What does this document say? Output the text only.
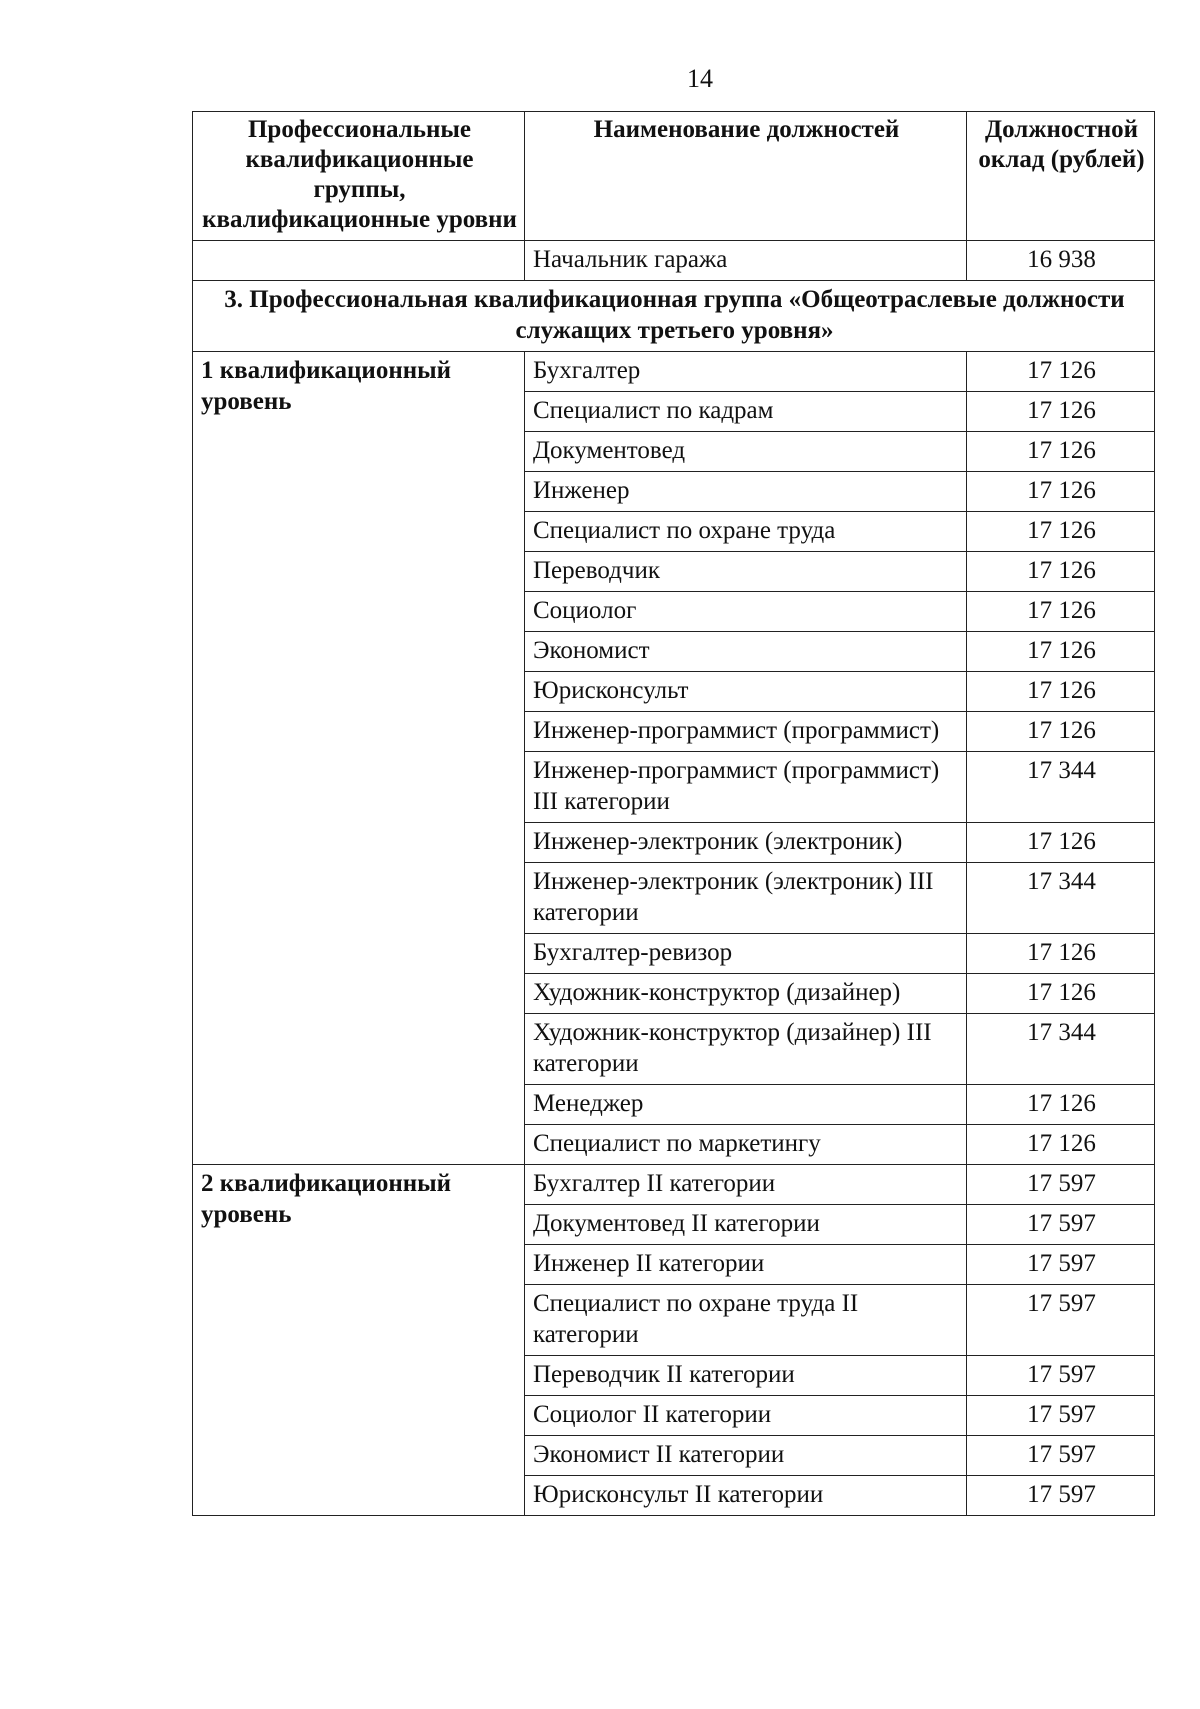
14
Профессиональные квалификационные группы, квалификационные уровни	Наименование должностей	Должностной оклад (рублей)
	Начальник гаража	16 938
3. Профессиональная квалификационная группа «Общеотраслевые должности служащих третьего уровня»		
1 квалификационный уровень	Бухгалтер	17 126
	Специалист по кадрам	17 126
	Документовед	17 126
	Инженер	17 126
	Специалист по охране труда	17 126
	Переводчик	17 126
	Социолог	17 126
	Экономист	17 126
	Юрисконсульт	17 126
	Инженер-программист (программист)	17 126
	Инженер-программист (программист) III категории	17 344
	Инженер-электроник (электроник)	17 126
	Инженер-электроник (электроник) III категории	17 344
	Бухгалтер-ревизор	17 126
	Художник-конструктор (дизайнер)	17 126
	Художник-конструктор (дизайнер) III категории	17 344
	Менеджер	17 126
	Специалист по маркетингу	17 126
2 квалификационный уровень	Бухгалтер II категории	17 597
	Документовед II категории	17 597
	Инженер II категории	17 597
	Специалист по охране труда II категории	17 597
	Переводчик II категории	17 597
	Социолог II категории	17 597
	Экономист II категории	17 597
	Юрисконсульт II категории	17 597
